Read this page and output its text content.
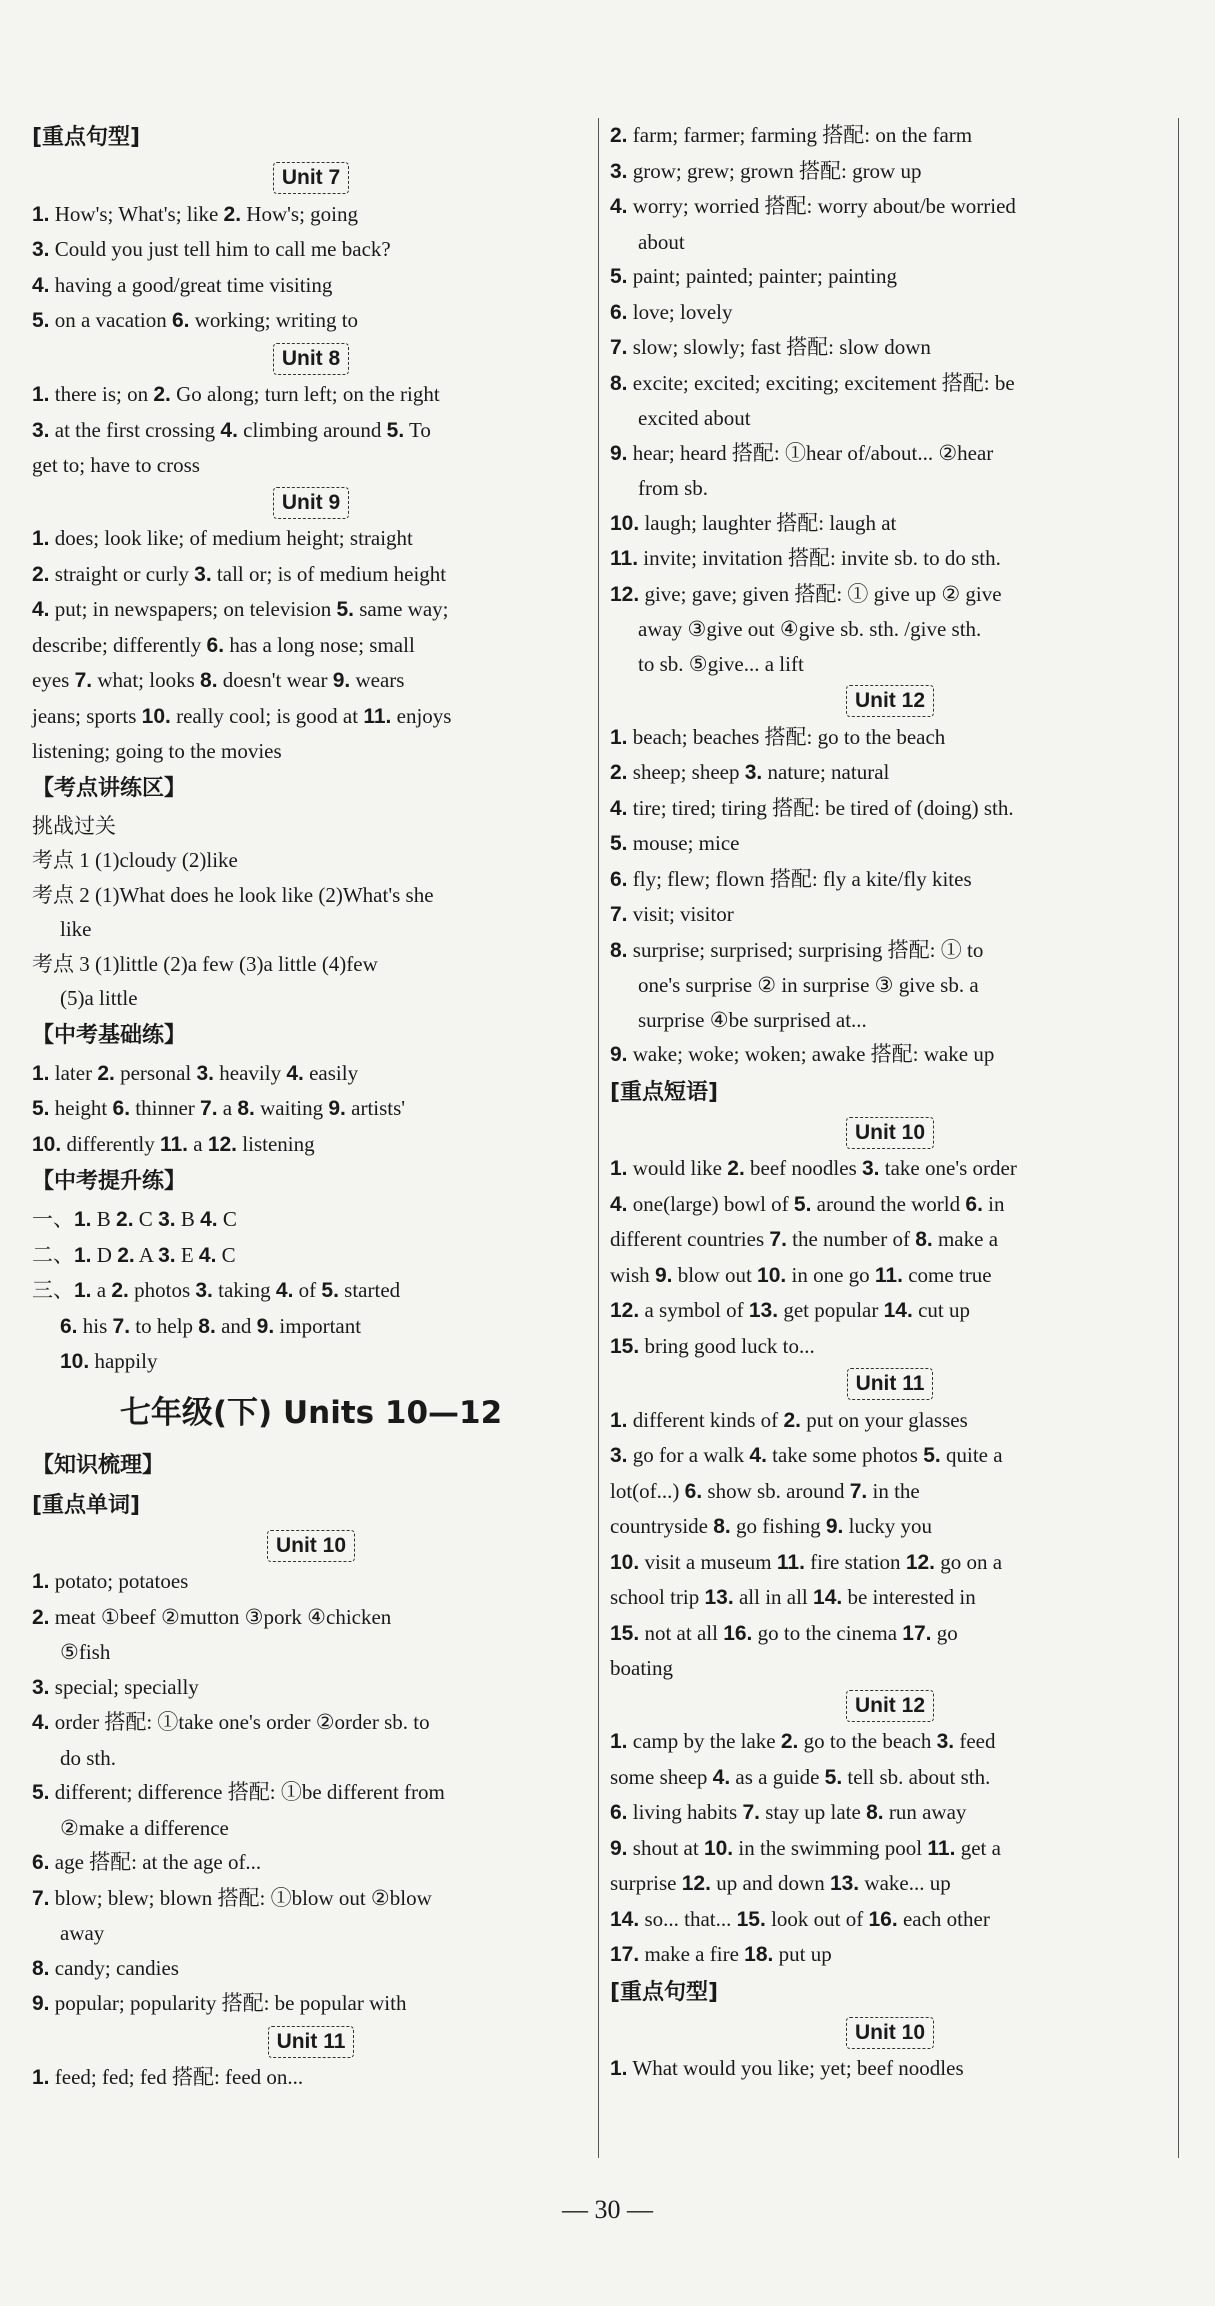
[重点句型]
Unit 7
1. How's; What's; like 2. How's; going
3. Could you just tell him to call me back?
4. having a good/great time visiting
5. on a vacation 6. working; writing to
Unit 8
1. there is; on 2. Go along; turn left; on the right
3. at the first crossing 4. climbing around 5. To
get to; have to cross
Unit 9
1. does; look like; of medium height; straight
2. straight or curly 3. tall or; is of medium height
4. put; in newspapers; on television 5. same way;
describe; differently 6. has a long nose; small
eyes 7. what; looks 8. doesn't wear 9. wears
jeans; sports 10. really cool; is good at 11. enjoys
listening; going to the movies
【考点讲练区】
挑战过关
考点 1 (1)cloudy (2)like
考点 2 (1)What does he look like (2)What's she
like
考点 3 (1)little (2)a few (3)a little (4)few
(5)a little
【中考基础练】
1. later 2. personal 3. heavily 4. easily
5. height 6. thinner 7. a 8. waiting 9. artists'
10. differently 11. a 12. listening
【中考提升练】
一、1. B 2. C 3. B 4. C
二、1. D 2. A 3. E 4. C
三、1. a 2. photos 3. taking 4. of 5. started
6. his 7. to help 8. and 9. important
10. happily
七年级(下) Units 10—12
【知识梳理】
[重点单词]
Unit 10
1. potato; potatoes
2. meat ①beef ②mutton ③pork ④chicken
⑤fish
3. special; specially
4. order 搭配: ①take one's order ②order sb. to
do sth.
5. different; difference 搭配: ①be different from
②make a difference
6. age 搭配: at the age of...
7. blow; blew; blown 搭配: ①blow out ②blow
away
8. candy; candies
9. popular; popularity 搭配: be popular with
Unit 11
1. feed; fed; fed 搭配: feed on...
2. farm; farmer; farming 搭配: on the farm
3. grow; grew; grown 搭配: grow up
4. worry; worried 搭配: worry about/be worried
about
5. paint; painted; painter; painting
6. love; lovely
7. slow; slowly; fast 搭配: slow down
8. excite; excited; exciting; excitement 搭配: be
excited about
9. hear; heard 搭配: ①hear of/about... ②hear
from sb.
10. laugh; laughter 搭配: laugh at
11. invite; invitation 搭配: invite sb. to do sth.
12. give; gave; given 搭配: ① give up ② give
away ③give out ④give sb. sth. /give sth.
to sb. ⑤give... a lift
Unit 12
1. beach; beaches 搭配: go to the beach
2. sheep; sheep 3. nature; natural
4. tire; tired; tiring 搭配: be tired of (doing) sth.
5. mouse; mice
6. fly; flew; flown 搭配: fly a kite/fly kites
7. visit; visitor
8. surprise; surprised; surprising 搭配: ① to
one's surprise ② in surprise ③ give sb. a
surprise ④be surprised at...
9. wake; woke; woken; awake 搭配: wake up
[重点短语]
Unit 10
1. would like 2. beef noodles 3. take one's order
4. one(large) bowl of 5. around the world 6. in
different countries 7. the number of 8. make a
wish 9. blow out 10. in one go 11. come true
12. a symbol of 13. get popular 14. cut up
15. bring good luck to...
Unit 11
1. different kinds of 2. put on your glasses
3. go for a walk 4. take some photos 5. quite a
lot(of...) 6. show sb. around 7. in the
countryside 8. go fishing 9. lucky you
10. visit a museum 11. fire station 12. go on a
school trip 13. all in all 14. be interested in
15. not at all 16. go to the cinema 17. go
boating
Unit 12
1. camp by the lake 2. go to the beach 3. feed
some sheep 4. as a guide 5. tell sb. about sth.
6. living habits 7. stay up late 8. run away
9. shout at 10. in the swimming pool 11. get a
surprise 12. up and down 13. wake... up
14. so... that... 15. look out of 16. each other
17. make a fire 18. put up
[重点句型]
Unit 10
1. What would you like; yet; beef noodles
— 30 —
